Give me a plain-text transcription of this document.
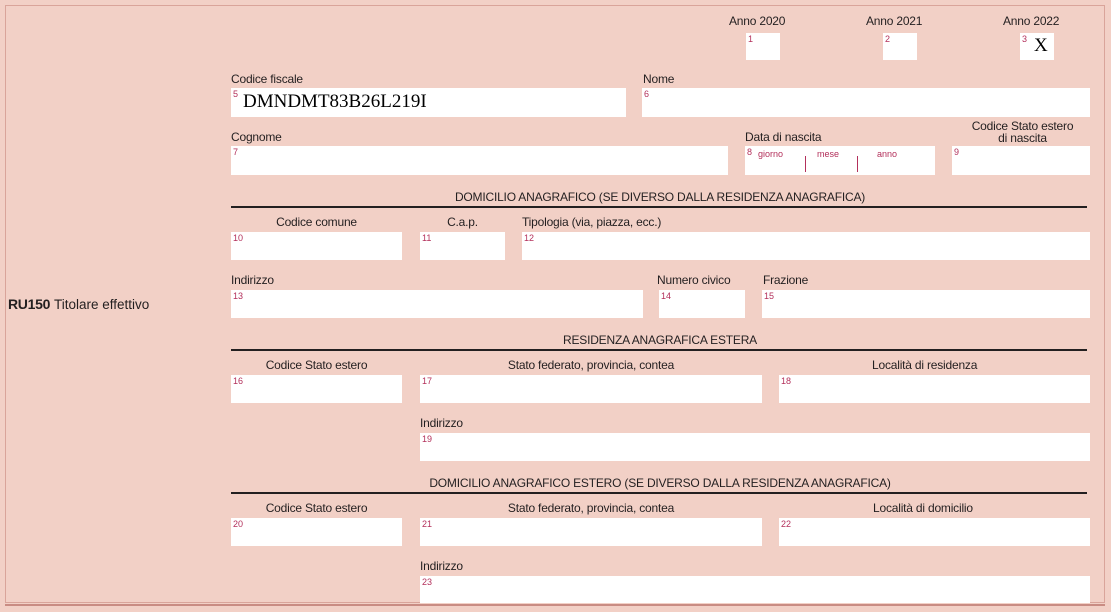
RU150 Titolare effettivo
Anno 2020
1
Anno 2021
2
Anno 2022
3 X
Codice fiscale
5 DMNDMT83B26L219I
Nome
6
Cognome
7
Data di nascita
8 giorno	mese	anno
Codice Stato estero
di nascita
9
DOMICILIO ANAGRAFICO (SE DIVERSO DALLA RESIDENZA ANAGRAFICA)
Codice comune
10
C.a.p.
11
Tipologia (via, piazza, ecc.)
12
Indirizzo
13
Numero civico
14
Frazione
15
RESIDENZA ANAGRAFICA ESTERA
Codice Stato estero
16
Stato federato, provincia, contea
17
Località di residenza
18
Indirizzo
19
DOMICILIO ANAGRAFICO ESTERO (SE DIVERSO DALLA RESIDENZA ANAGRAFICA)
Codice Stato estero
20
Stato federato, provincia, contea
21
Località di domicilio
22
Indirizzo
23
